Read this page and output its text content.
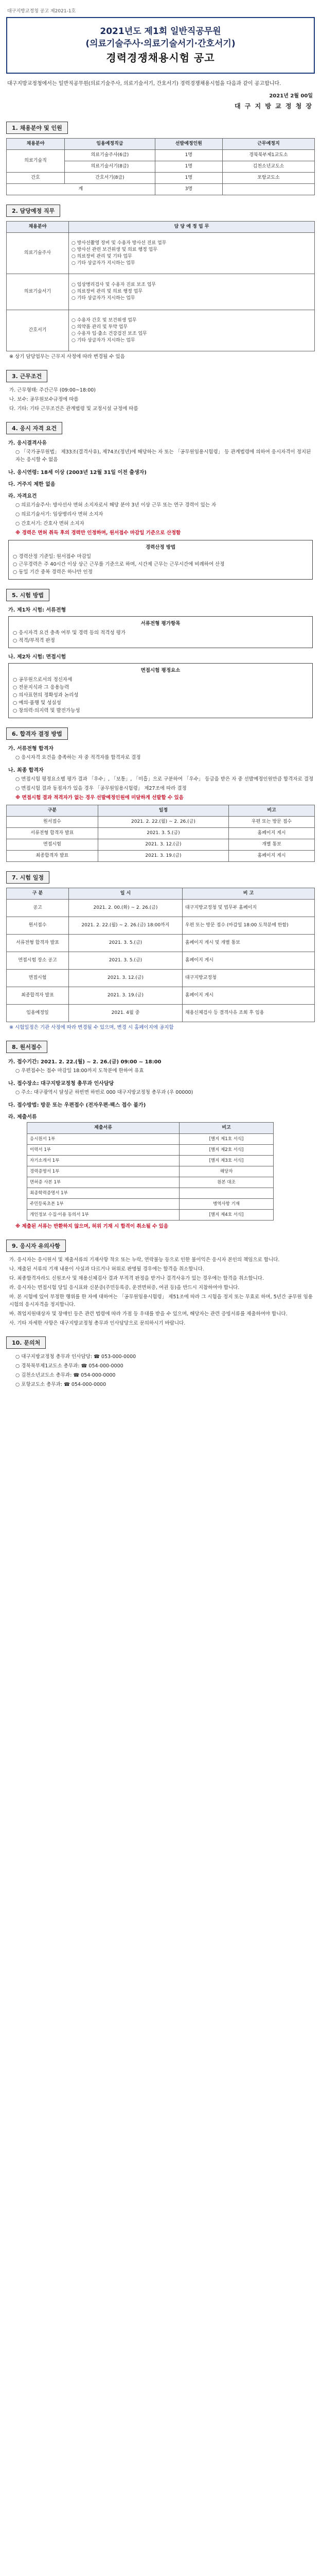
대구지방교정청 공고 제2021-1호
2021년도 제1회 일반직공무원
(의료기술주사·의료기술서기·간호서기)
경력경쟁채용시험 공고
대구지방교정청에서는 일반직공무원(의료기술주사, 의료기술서기, 간호서기) 경력경쟁채용시험을 다음과 같이 공고합니다.
2021년 2월 00일
대 구 지 방 교 정 청 장
1. 채용분야 및 인원
채용분야	임용예정직급	선발예정인원	근무예정지
의료기술직	의료기술주사(6급)	1명	경북북부제1교도소
	의료기술서기(8급)	1명	김천소년교도소
간호	간호서기(8급)	1명	포항교도소
계		3명	
2. 담당예정 직무
채용분야	담 당 예 정 업 무
의료기술주사	○ 방사선촬영 장비 및 수용자 방사선 진료 업무
○ 방사선 관련 보건위생 및 의료 행정 업무
○ 의료장비 관리 및 기타 업무
○ 기타 상급자가 지시하는 업무
의료기술서기	○ 임상병리검사 및 수용자 진료 보조 업무
○ 의료장비 관리 및 의료 행정 업무
○ 기타 상급자가 지시하는 업무
간호서기	○ 수용자 간호 및 보건위생 업무
○ 의약품 관리 및 투약 업무
○ 수용자 입·출소 건강검진 보조 업무
○ 기타 상급자가 지시하는 업무
※ 상기 담당업무는 근무지 사정에 따라 변경될 수 있음
3. 근무조건
가. 근무형태: 주간근무 (09:00~18:00)
나. 보수: 공무원보수규정에 따름
다. 기타: 기타 근무조건은 관계법령 및 교정시설 규정에 따름
4. 응시 자격 요건
가. 응시결격사유
○ 「국가공무원법」 제33조(결격사유), 제74조(정년)에 해당하는 자 또는 「공무원임용시험령」 등 관계법령에 의하여 응시자격이 정지된 자는 응시할 수 없음
나. 응시연령: 18세 이상 (2003년 12월 31일 이전 출생자)
다. 거주지 제한 없음
라. 자격요건
○ 의료기술주사: 방사선사 면허 소지자로서 해당 분야 3년 이상 근무 또는 연구 경력이 있는 자
○ 의료기술서기: 임상병리사 면허 소지자
○ 간호서기: 간호사 면허 소지자
※ 경력은 면허 취득 후의 경력만 인정하며, 원서접수 마감일 기준으로 산정함
경력산정 방법
○ 경력산정 기준일: 원서접수 마감일
○ 근무경력은 주 40시간 이상 상근 근무를 기준으로 하며, 시간제 근무는 근무시간에 비례하여 산정
○ 동일 기간 중복 경력은 하나만 인정
5. 시험 방법
가. 제1차 시험: 서류전형
서류전형 평가항목
○ 응시자격 요건 충족 여부 및 경력 등의 적격성 평가
○ 적격/부적격 판정
나. 제2차 시험: 면접시험
면접시험 평정요소
○ 공무원으로서의 정신자세
○ 전문지식과 그 응용능력
○ 의사표현의 정확성과 논리성
○ 예의·품행 및 성실성
○ 창의력·의지력 및 발전가능성
6. 합격자 결정 방법
가. 서류전형 합격자
○ 응시자격 요건을 충족하는 자 중 적격자를 합격자로 결정
나. 최종 합격자
○ 면접시험 평정요소별 평가 결과 「우수」, 「보통」, 「미흡」으로 구분하여 「우수」 등급을 받은 자 중 선발예정인원만큼 합격자로 결정
○ 면접시험 결과 동점자가 있을 경우 「공무원임용시험령」 제27조에 따라 결정
※ 면접시험 결과 적격자가 없는 경우 선발예정인원에 미달하게 선발할 수 있음
구분	일정	비고
원서접수	2021. 2. 22.(월) ~ 2. 26.(금)	우편 또는 방문 접수
서류전형 합격자 발표	2021. 3. 5.(금)	홈페이지 게시
면접시험	2021. 3. 12.(금)	개별 통보
최종합격자 발표	2021. 3. 19.(금)	홈페이지 게시
7. 시험 일정
구 분	일 시	비 고
공고	2021. 2. 00.(화) ~ 2. 26.(금)	대구지방교정청 및 법무부 홈페이지
원서접수	2021. 2. 22.(월) ~ 2. 26.(금) 18:00까지	우편 또는 방문 접수 (마감일 18:00 도착분에 한함)
서류전형 합격자 발표	2021. 3. 5.(금)	홈페이지 게시 및 개별 통보
면접시험 장소 공고	2021. 3. 5.(금)	홈페이지 게시
면접시험	2021. 3. 12.(금)	대구지방교정청
최종합격자 발표	2021. 3. 19.(금)	홈페이지 게시
임용예정일	2021. 4월 중	채용신체검사 등 결격사유 조회 후 임용
※ 시험일정은 기관 사정에 따라 변경될 수 있으며, 변경 시 홈페이지에 공지함
8. 원서접수
가. 접수기간: 2021. 2. 22.(월) ~ 2. 26.(금) 09:00 ~ 18:00
○ 우편접수는 접수 마감일 18:00까지 도착분에 한하여 유효
나. 접수장소: 대구지방교정청 총무과 인사담당
○ 주소: 대구광역시 달성군 하빈면 하빈로 000 대구지방교정청 총무과 (우 00000)
다. 접수방법: 방문 또는 우편접수 (전자우편·팩스 접수 불가)
라. 제출서류
제출서류	비고
응시원서 1부	[별지 제1호 서식]
이력서 1부	[별지 제2호 서식]
자기소개서 1부	[별지 제3호 서식]
경력증명서 1부	해당자
면허증 사본 1부	원본 대조
최종학력증명서 1부	
주민등록초본 1부	병역사항 기재
개인정보 수집·이용 동의서 1부	[별지 제4호 서식]
※ 제출된 서류는 반환하지 않으며, 허위 기재 시 합격이 취소될 수 있음
9. 응시자 유의사항
가. 응시자는 응시원서 및 제출서류의 기재사항 착오 또는 누락, 연락불능 등으로 인한 불이익은 응시자 본인의 책임으로 합니다.
나. 제출된 서류의 기재 내용이 사실과 다르거나 허위로 판명될 경우에는 합격을 취소합니다.
다. 최종합격자라도 신원조사 및 채용신체검사 결과 부적격 판정을 받거나 결격사유가 있는 경우에는 합격을 취소합니다.
라. 응시자는 면접시험 당일 응시표와 신분증(주민등록증, 운전면허증, 여권 등)을 반드시 지참하여야 합니다.
마. 본 시험에 있어 부정한 행위를 한 자에 대하여는 「공무원임용시험령」 제51조에 따라 그 시험을 정지 또는 무효로 하며, 5년간 공무원 임용시험의 응시자격을 정지합니다.
바. 취업지원대상자 및 장애인 등은 관련 법령에 따라 가점 등 우대를 받을 수 있으며, 해당자는 관련 증빙서류를 제출하여야 합니다.
사. 기타 자세한 사항은 대구지방교정청 총무과 인사담당으로 문의하시기 바랍니다.
10. 문의처
○ 대구지방교정청 총무과 인사담당: ☎ 053-000-0000
○ 경북북부제1교도소 총무과: ☎ 054-000-0000
○ 김천소년교도소 총무과: ☎ 054-000-0000
○ 포항교도소 총무과: ☎ 054-000-0000
